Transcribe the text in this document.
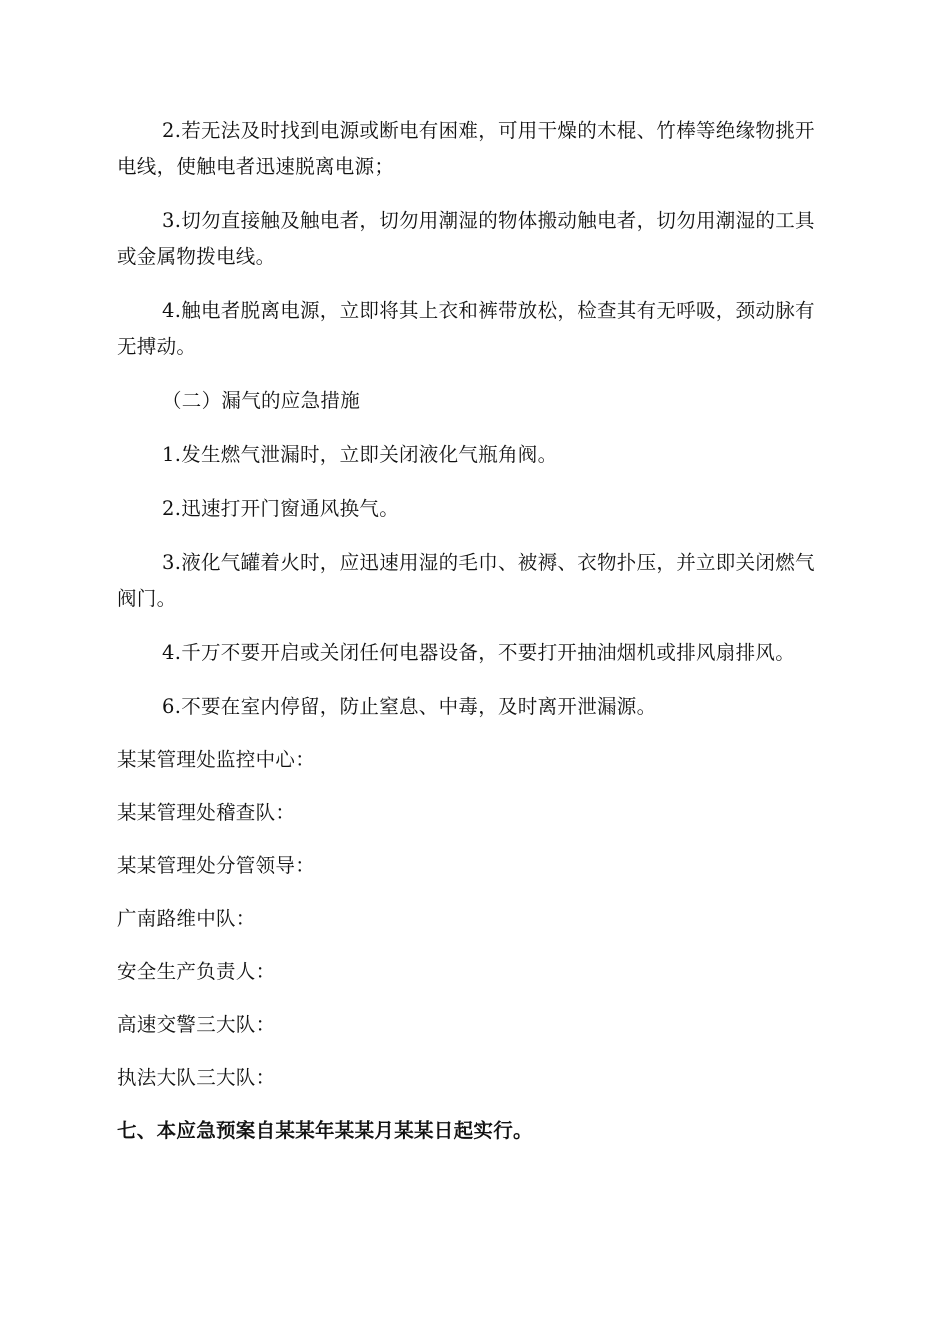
2.若无法及时找到电源或断电有困难，可用干燥的木棍、竹棒等绝缘物挑开电线，使触电者迅速脱离电源；

3.切勿直接触及触电者，切勿用潮湿的物体搬动触电者，切勿用潮湿的工具或金属物拨电线。

4.触电者脱离电源，立即将其上衣和裤带放松，检查其有无呼吸，颈动脉有无搏动。

（二）漏气的应急措施

1.发生燃气泄漏时，立即关闭液化气瓶角阀。

2.迅速打开门窗通风换气。

3.液化气罐着火时，应迅速用湿的毛巾、被褥、衣物扑压，并立即关闭燃气阀门。

4.千万不要开启或关闭任何电器设备，不要打开抽油烟机或排风扇排风。

6.不要在室内停留，防止窒息、中毒，及时离开泄漏源。

某某管理处监控中心：

某某管理处稽查队：

某某管理处分管领导：

广南路维中队：

安全生产负责人：

高速交警三大队：

执法大队三大队：

七、本应急预案自某某年某某月某某日起实行。
